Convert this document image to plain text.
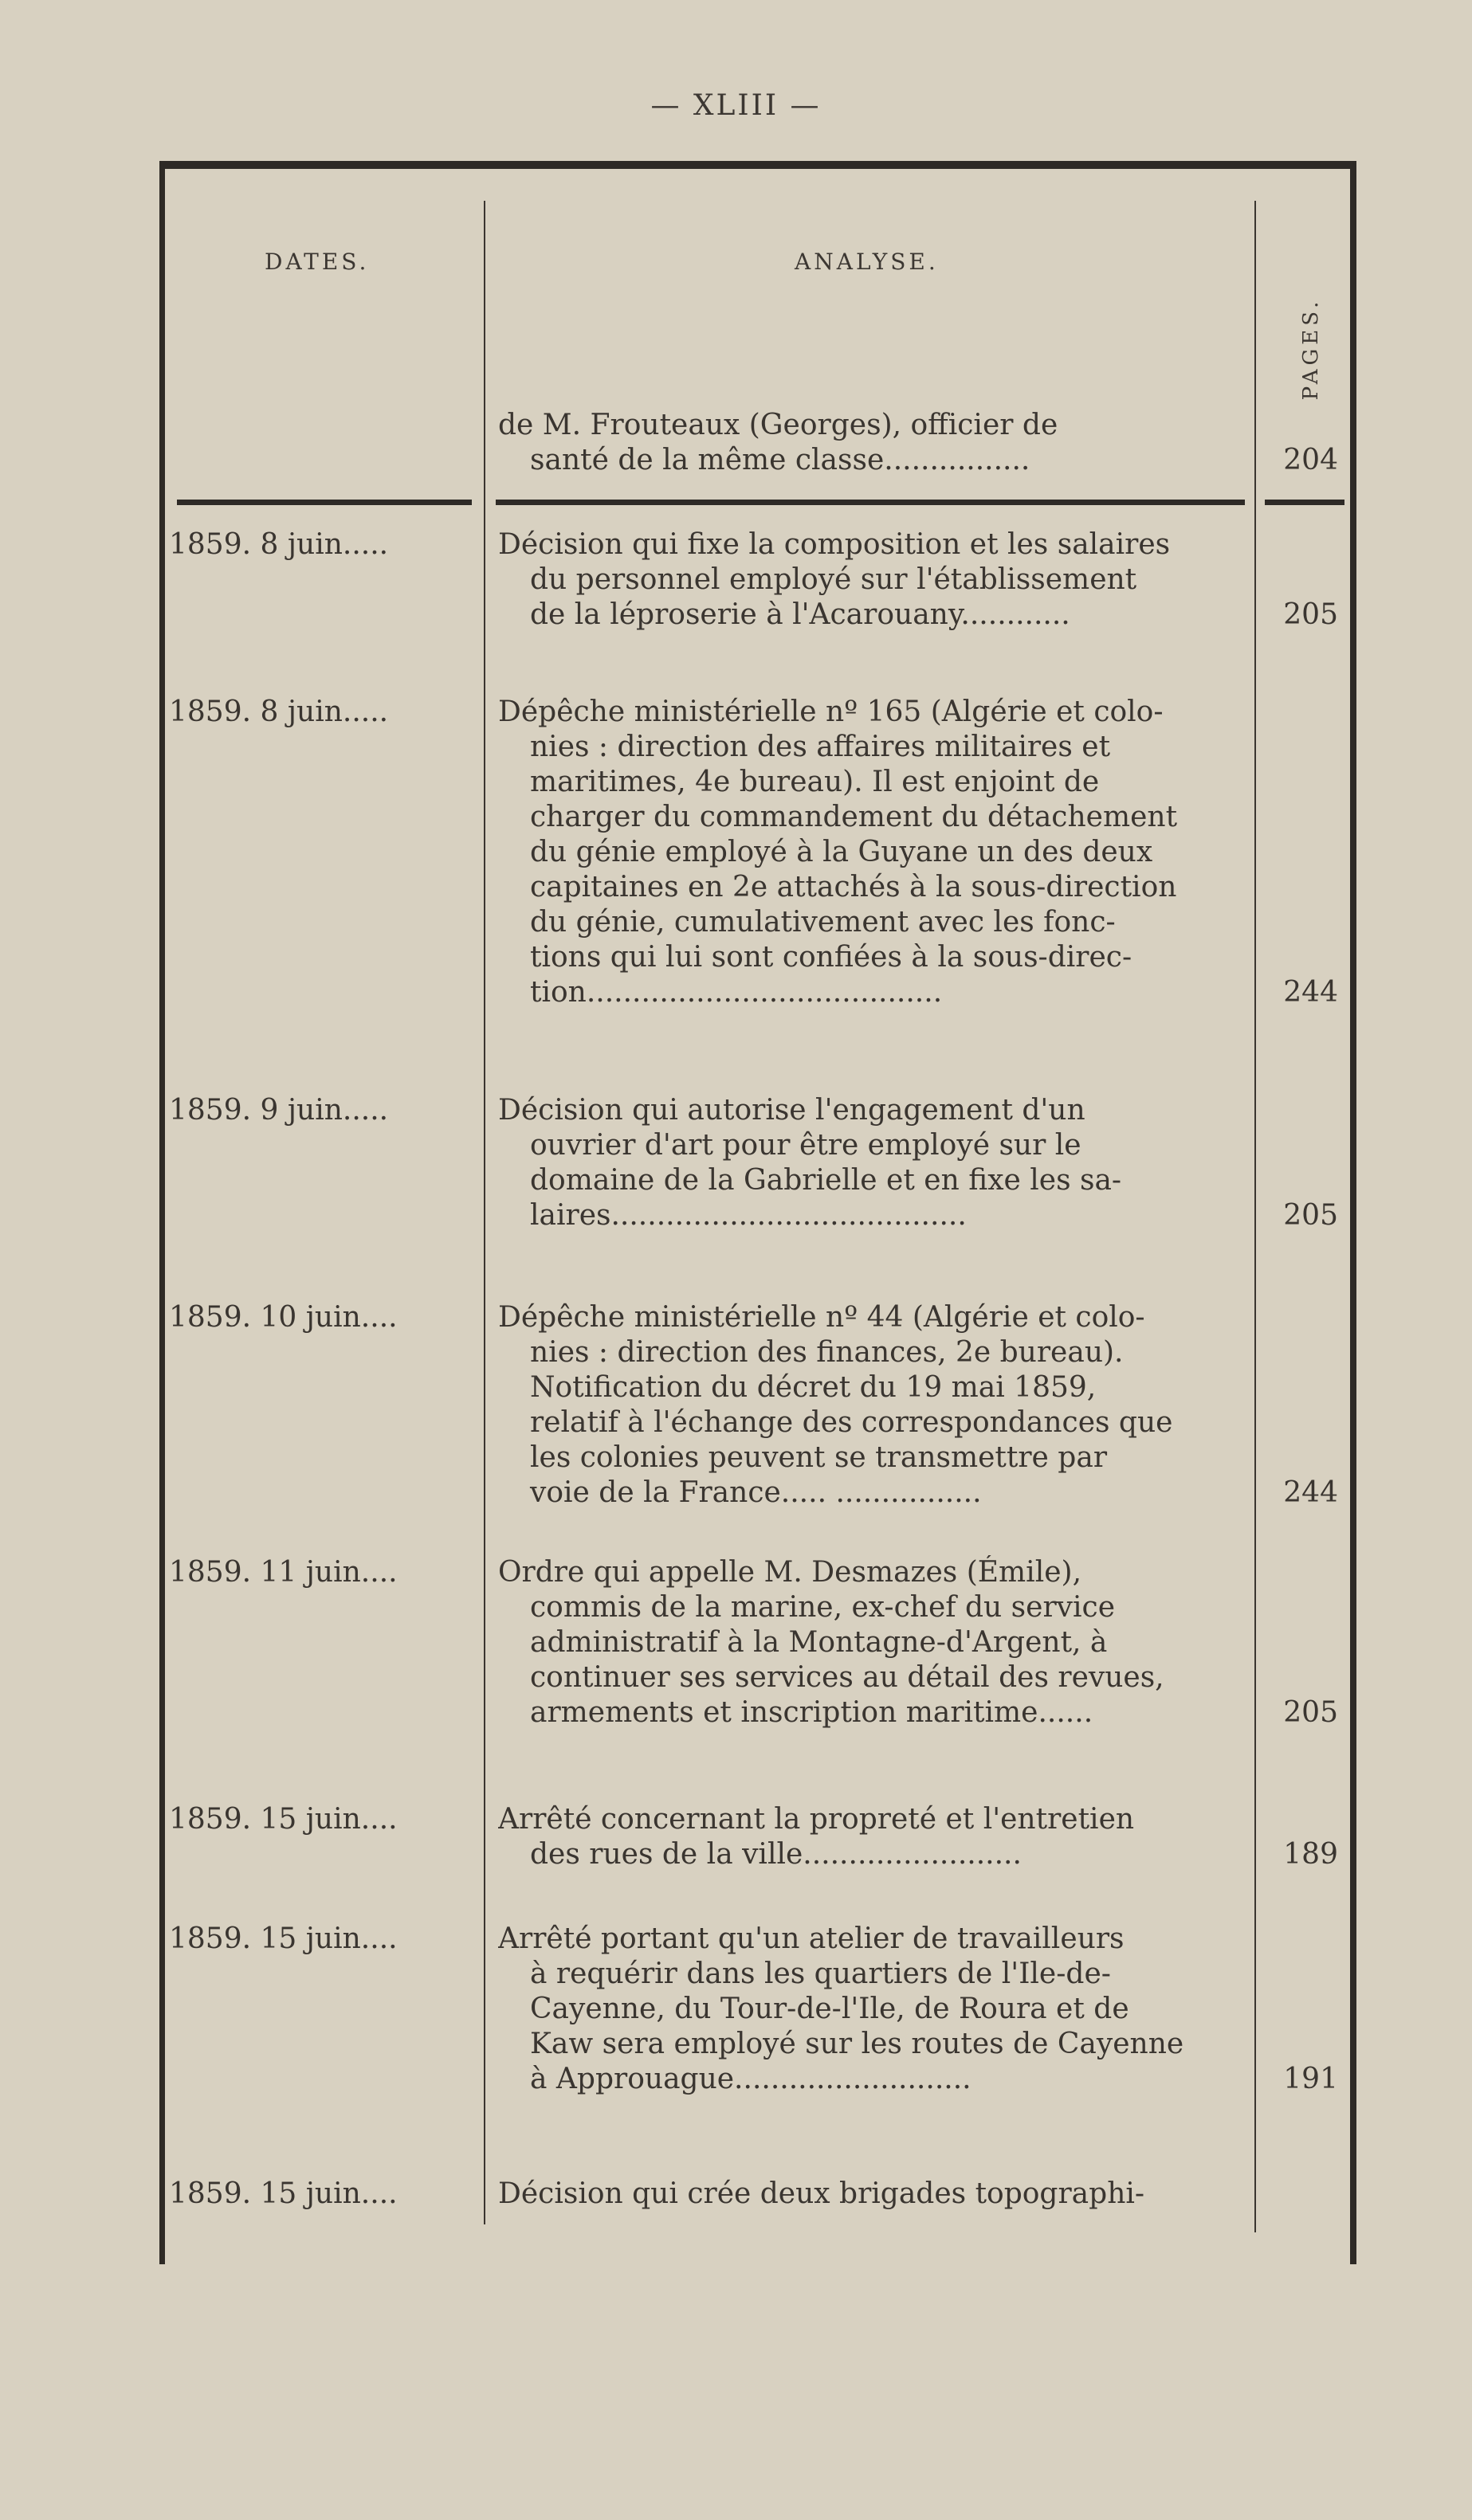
— XLIII —
DATES.	ANALYSE.
PAGES.
de M. Frouteaux (Georges), officier de
santé de la même classe................	204
1859. 8 juin.....	Décision qui fixe la composition et les salaires
du personnel employé sur l'établissement
de la léproserie à l'Acarouany............	205
1859. 8 juin.....	Dépêche ministérielle nº 165 (Algérie et colo-
nies : direction des affaires militaires et
maritimes, 4e bureau). Il est enjoint de
charger du commandement du détachement
du génie employé à la Guyane un des deux
capitaines en 2e attachés à la sous-direction
du génie, cumulativement avec les fonc-
tions qui lui sont confiées à la sous-direc-
tion.......................................	244
1859. 9 juin.....	Décision qui autorise l'engagement d'un
ouvrier d'art pour être employé sur le
domaine de la Gabrielle et en fixe les sa-
laires.......................................	205
1859. 10 juin....	Dépêche ministérielle nº 44 (Algérie et colo-
nies : direction des finances, 2e bureau).
Notification du décret du 19 mai 1859,
relatif à l'échange des correspondances que
les colonies peuvent se transmettre par
voie de la France..... ................	244
1859. 11 juin....	Ordre qui appelle M. Desmazes (Émile),
commis de la marine, ex-chef du service
administratif à la Montagne-d'Argent, à
continuer ses services au détail des revues,
armements et inscription maritime......	205
1859. 15 juin....	Arrêté concernant la propreté et l'entretien
des rues de la ville........................	189
1859. 15 juin....	Arrêté portant qu'un atelier de travailleurs
à requérir dans les quartiers de l'Ile-de-
Cayenne, du Tour-de-l'Ile, de Roura et de
Kaw sera employé sur les routes de Cayenne
à Approuague..........................	191
1859. 15 juin....	Décision qui crée deux brigades topographi-
